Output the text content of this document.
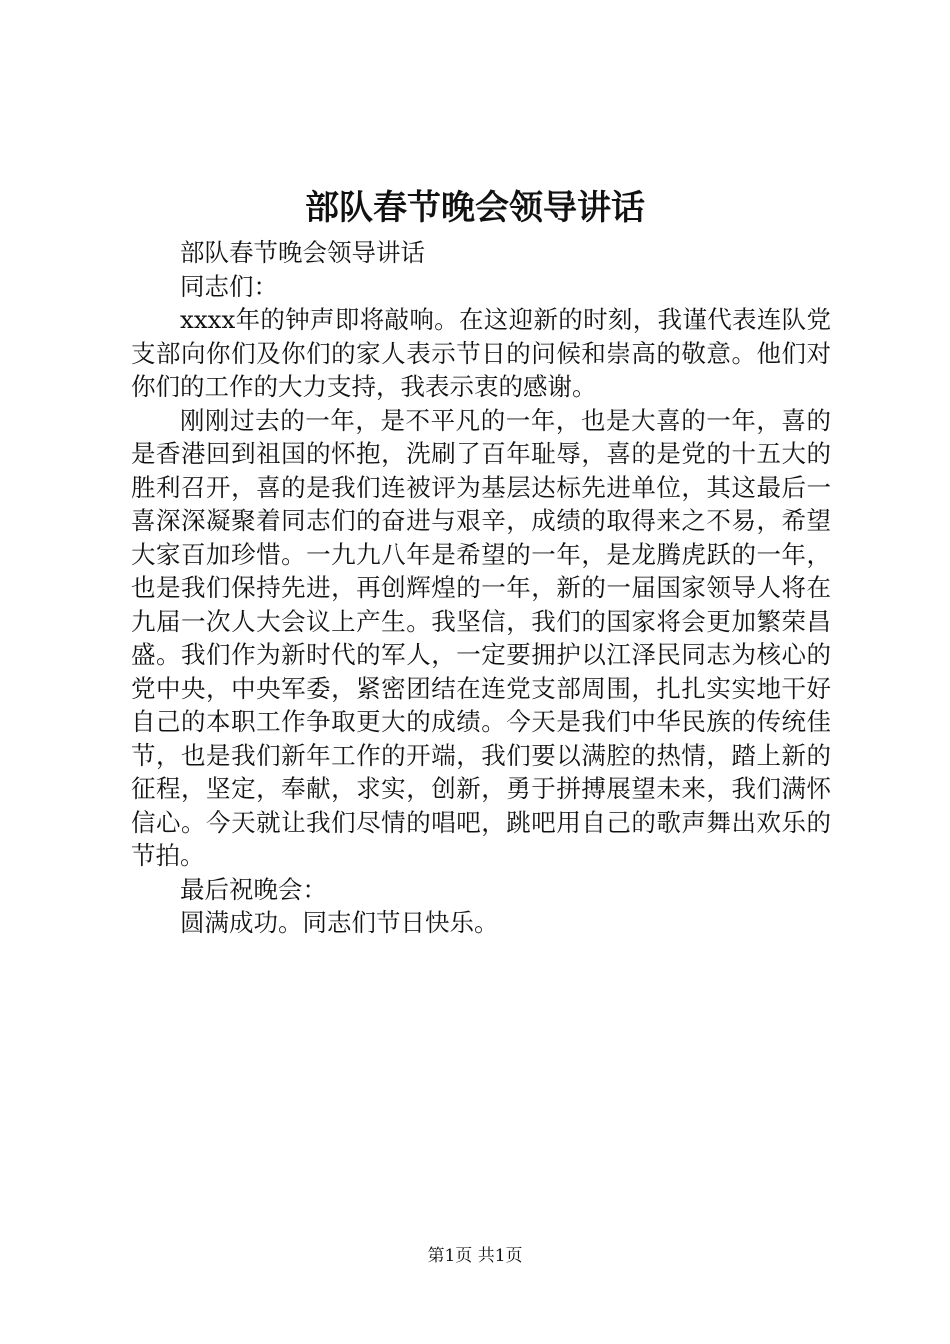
部队春节晚会领导讲话

部队春节晚会领导讲话

同志们：

xxxx年的钟声即将敲响。在这迎新的时刻，我谨代表连队党支部向你们及你们的家人表示节日的问候和崇高的敬意。他们对你们的工作的大力支持，我表示衷的感谢。

刚刚过去的一年，是不平凡的一年，也是大喜的一年，喜的是香港回到祖国的怀抱，洗刷了百年耻辱，喜的是党的十五大的胜利召开，喜的是我们连被评为基层达标先进单位，其这最后一喜深深凝聚着同志们的奋进与艰辛，成绩的取得来之不易，希望大家百加珍惜。一九九八年是希望的一年，是龙腾虎跃的一年，也是我们保持先进，再创辉煌的一年，新的一届国家领导人将在九届一次人大会议上产生。我坚信，我们的国家将会更加繁荣昌盛。我们作为新时代的军人，一定要拥护以江泽民同志为核心的党中央，中央军委，紧密团结在连党支部周围，扎扎实实地干好自己的本职工作争取更大的成绩。今天是我们中华民族的传统佳节，也是我们新年工作的开端，我们要以满腔的热情，踏上新的征程，坚定，奉献，求实，创新，勇于拼搏展望未来，我们满怀信心。今天就让我们尽情的唱吧，跳吧用自己的歌声舞出欢乐的节拍。

最后祝晚会：

圆满成功。同志们节日快乐。

第1页 共1页
